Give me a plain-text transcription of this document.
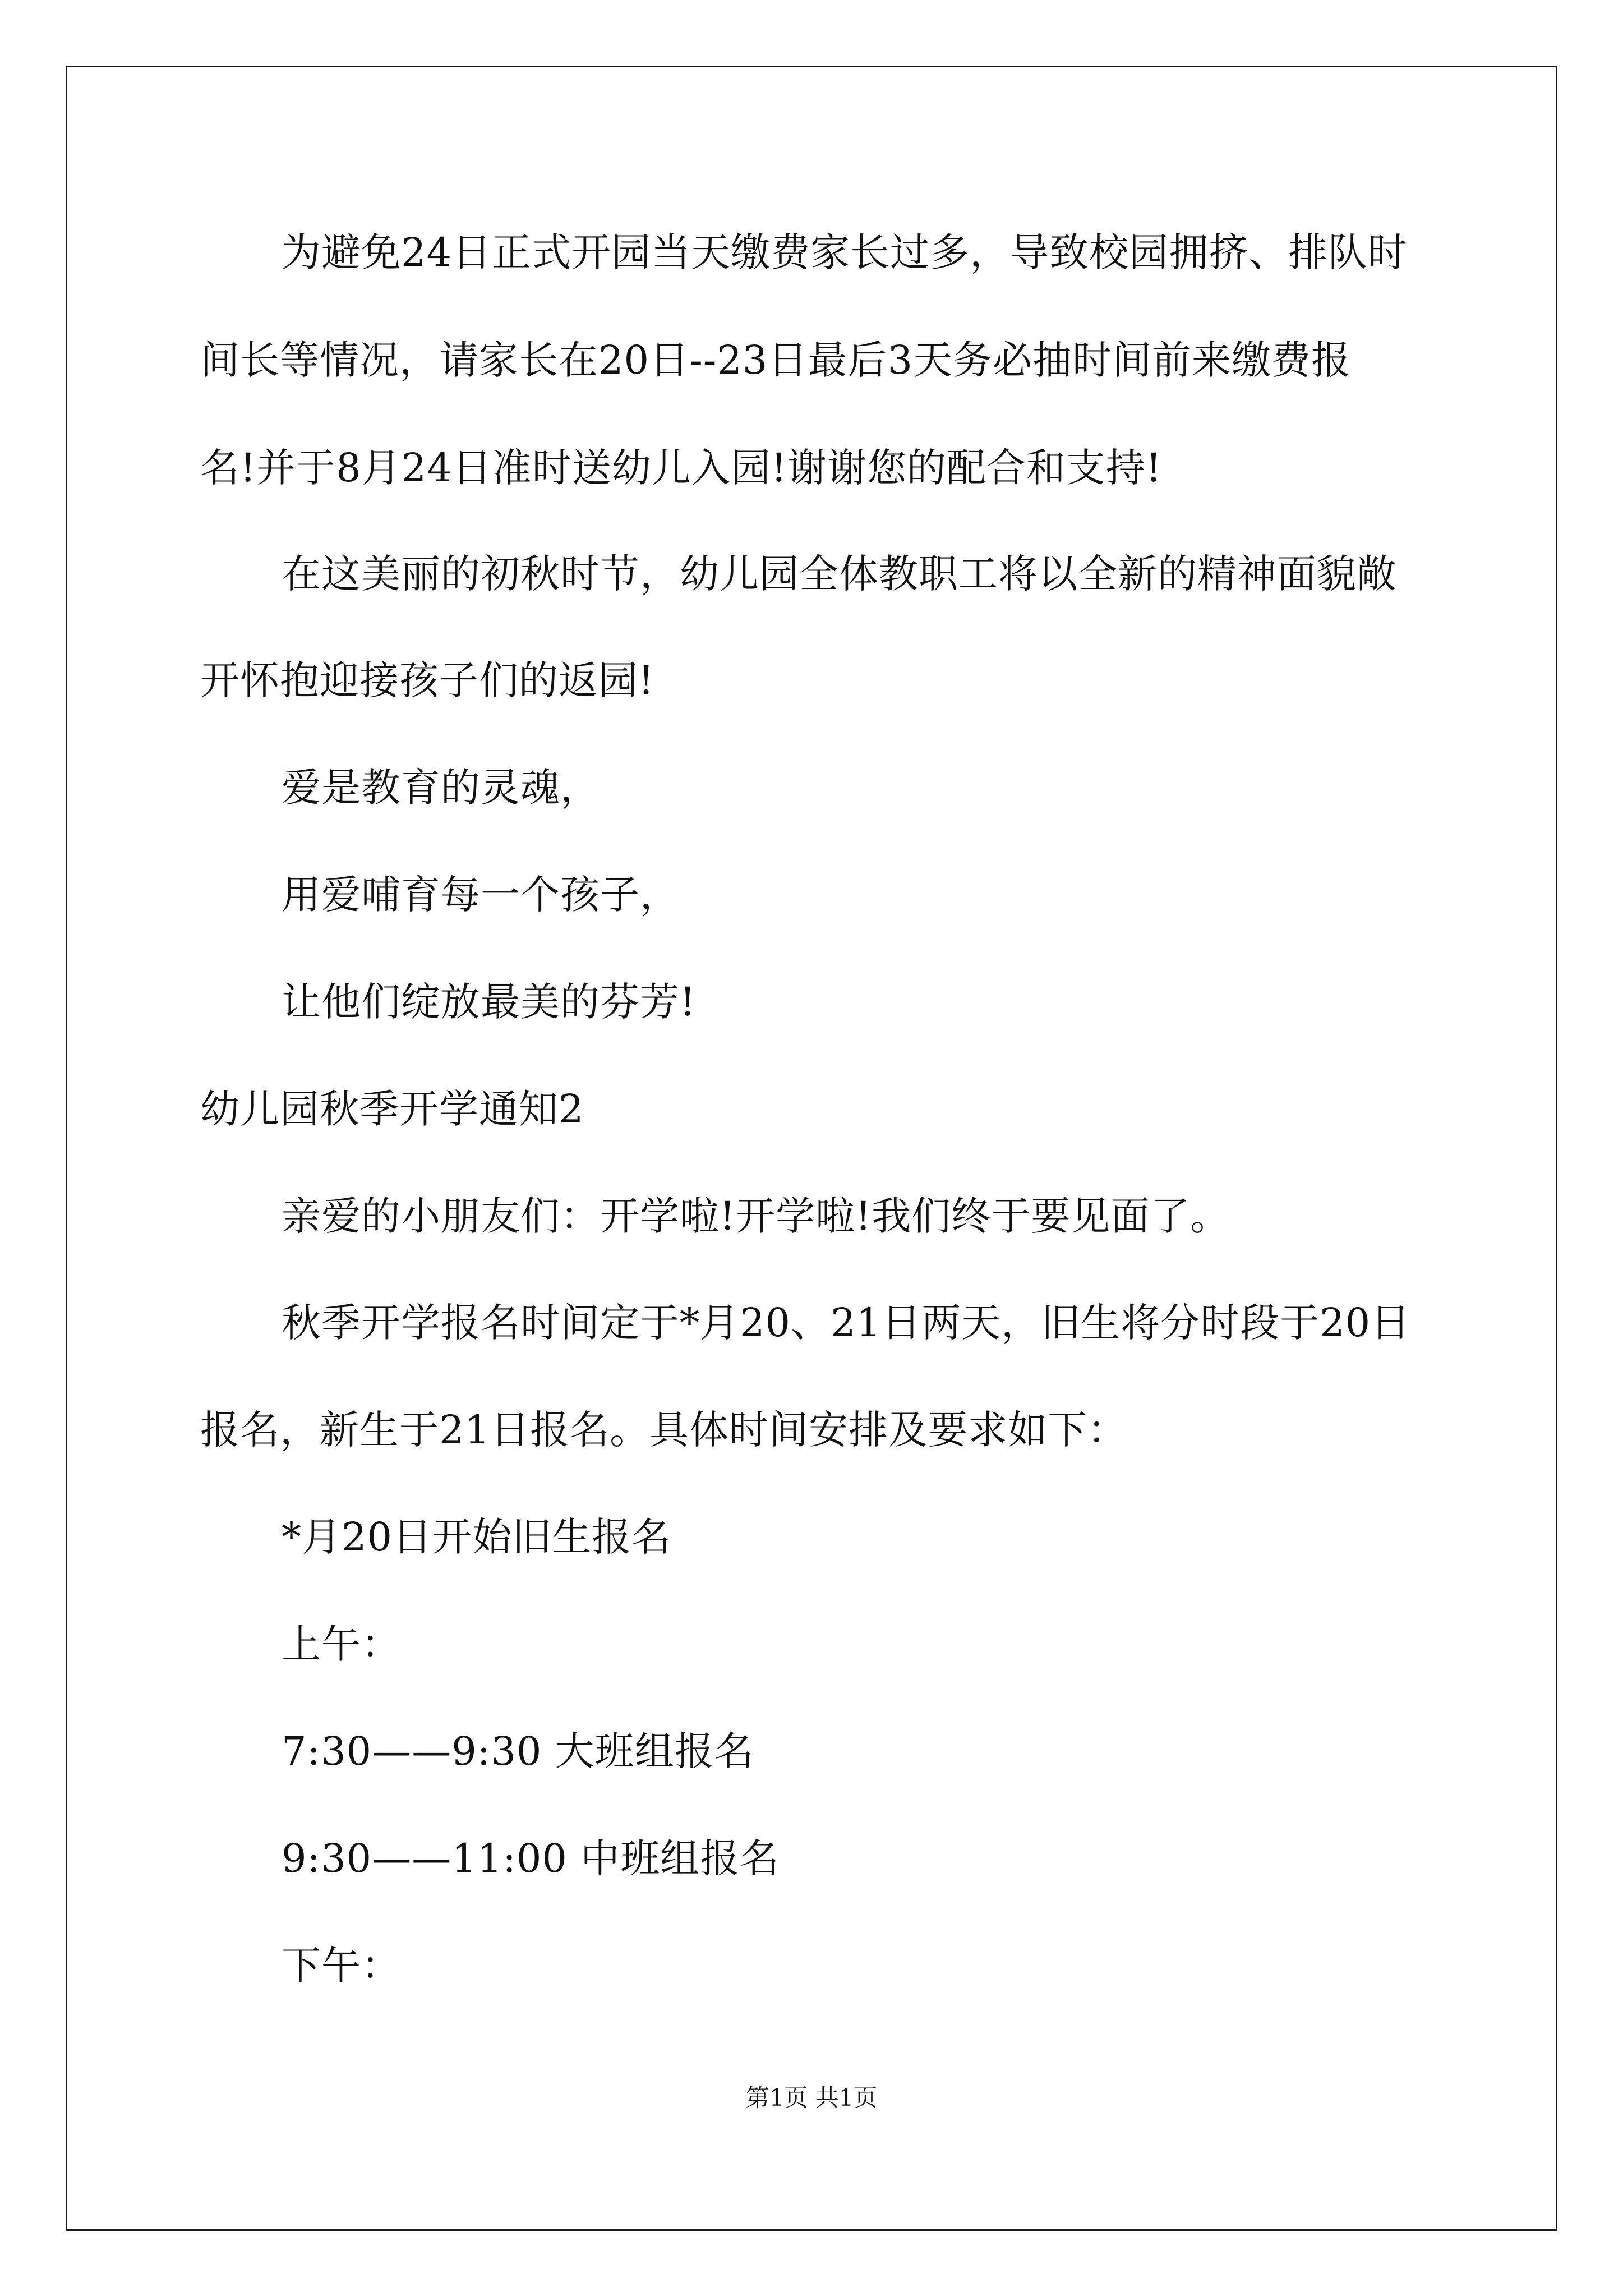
为避免24日正式开园当天缴费家长过多，导致校园拥挤、排队时
间长等情况，请家长在20日--23日最后3天务必抽时间前来缴费报
名!并于8月24日准时送幼儿入园!谢谢您的配合和支持!
在这美丽的初秋时节，幼儿园全体教职工将以全新的精神面貌敞
开怀抱迎接孩子们的返园!
爱是教育的灵魂，
用爱哺育每一个孩子，
让他们绽放最美的芬芳!
幼儿园秋季开学通知2
亲爱的小朋友们：开学啦!开学啦!我们终于要见面了。
秋季开学报名时间定于*月20、21日两天，旧生将分时段于20日
报名，新生于21日报名。具体时间安排及要求如下：
*月20日开始旧生报名
上午：
7:30——9:30 大班组报名
9:30——11:00 中班组报名
下午：
第1页 共1页
